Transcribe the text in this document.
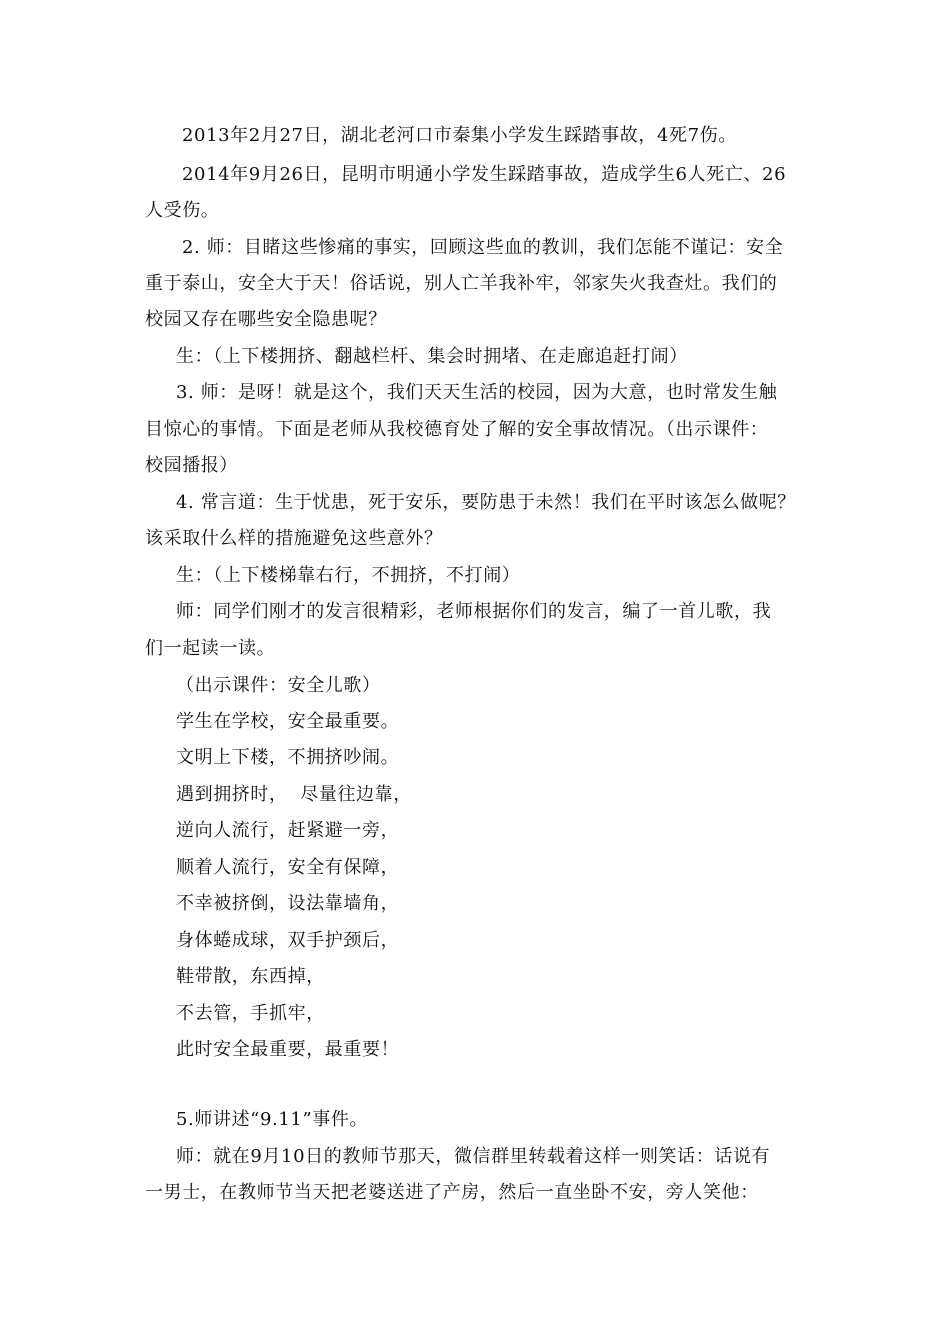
2013年2月27日，湖北老河口市秦集小学发生踩踏事故，4死7伤。
2014年9月26日，昆明市明通小学发生踩踏事故，造成学生6人死亡、26
人受伤。
2. 师：目睹这些惨痛的事实，回顾这些血的教训，我们怎能不谨记：安全
重于泰山，安全大于天！俗话说，别人亡羊我补牢，邻家失火我查灶。我们的
校园又存在哪些安全隐患呢？
生：（上下楼拥挤、翻越栏杆、集会时拥堵、在走廊追赶打闹）
3. 师：是呀！就是这个，我们天天生活的校园，因为大意，也时常发生触
目惊心的事情。下面是老师从我校德育处了解的安全事故情况。（出示课件：
校园播报）
4. 常言道：生于忧患，死于安乐，要防患于未然！我们在平时该怎么做呢？
该采取什么样的措施避免这些意外？
生：（上下楼梯靠右行，不拥挤，不打闹）
师：同学们刚才的发言很精彩，老师根据你们的发言，编了一首儿歌，我
们一起读一读。
（出示课件：安全儿歌）
学生在学校，安全最重要。
文明上下楼，不拥挤吵闹。
遇到拥挤时，  尽量往边靠，
逆向人流行，赶紧避一旁，
顺着人流行，安全有保障，
不幸被挤倒，设法靠墙角，
身体蜷成球，双手护颈后，
鞋带散，东西掉，
不去管，手抓牢，
此时安全最重要，最重要！
5.师讲述“9.11”事件。
师：就在9月10日的教师节那天，微信群里转载着这样一则笑话：话说有
一男士，在教师节当天把老婆送进了产房，然后一直坐卧不安，旁人笑他：
